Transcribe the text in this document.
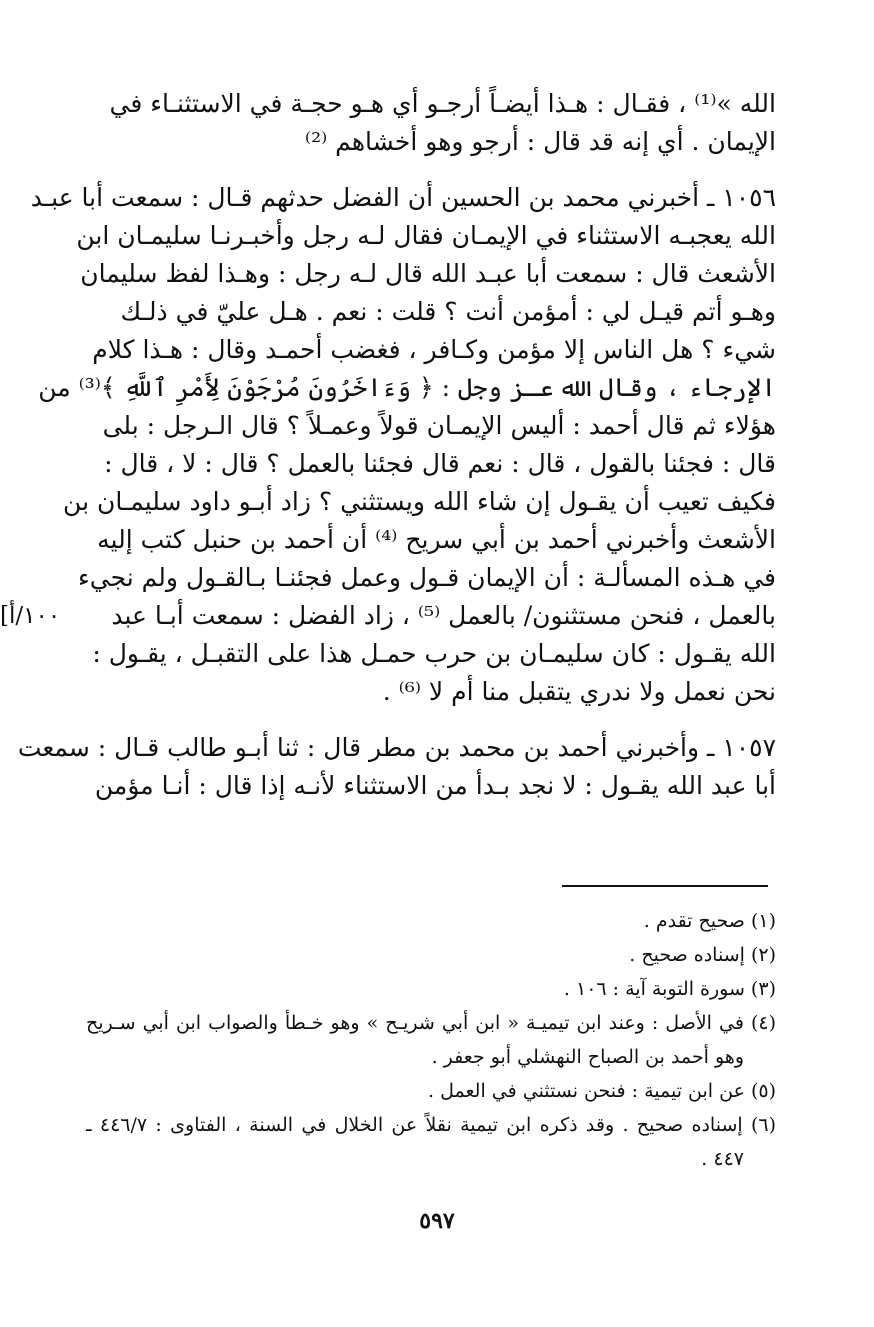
الله »⁽¹⁾ ، فقـال : هـذا أيضـاً أرجـو أي هـو حجـة في الاستثنـاء في
الإيمان . أي إنه قد قال : أرجو وهو أخشاهم ⁽²⁾
١٠٥٦ ـ أخبرني محمد بن الحسين أن الفضل حدثهم قـال : سمعت أبا عبـد
الله يعجبـه الاستثناء في الإيمـان فقال لـه رجل وأخبـرنـا سليمـان ابن
الأشعث قال : سمعت أبا عبـد الله قال لـه رجل : وهـذا لفظ سليمان
وهـو أتم قيـل لي : أمؤمن أنت ؟ قلت : نعم . هـل عليّ في ذلـك
شيء ؟ هل الناس إلا مؤمن وكـافر ، فغضب أحمـد وقال : هـذا كلام
الإرجاء ، وقال الله عـز وجل : ﴿ وَءَاخَرُونَ مُرْجَوْنَ لِأَمْرِ ٱللَّهِ ﴾⁽³⁾ من
هؤلاء ثم قال أحمد : أليس الإيمـان قولاً وعمـلاً ؟ قال الـرجل : بلى
قال : فجئنا بالقول ، قال : نعم قال فجئنا بالعمل ؟ قال : لا ، قال :
فكيف تعيب أن يقـول إن شاء الله ويستثني ؟ زاد أبـو داود سليمـان بن
الأشعث وأخبرني أحمد بن أبي سريح ⁽⁴⁾ أن أحمد بن حنبل كتب إليه
في هـذه المسألـة : أن الإيمان قـول وعمل فجئنـا بـالقـول ولم نجيء
بالعمل ، فنحن مستثنون/ بالعمل ⁽⁵⁾ ، زاد الفضل : سمعت أبـا عبد
الله يقـول : كان سليمـان بن حرب حمـل هذا على التقبـل ، يقـول :
نحن نعمل ولا ندري يتقبل منا أم لا ⁽⁶⁾ .
[١٠٠/أ
١٠٥٧ ـ وأخبرني أحمد بن محمد بن مطر قال : ثنا أبـو طالب قـال : سمعت
أبا عبد الله يقـول : لا نجد بـدأ من الاستثناء لأنـه إذا قال : أنـا مؤمن
(١) صحيح تقدم .
(٢) إسناده صحيح .
(٣) سورة التوبة آية : ١٠٦ .
(٤) في الأصل : وعند ابن تيميـة « ابن أبي شريـح » وهو خـطأ والصواب ابن أبي سـريح
وهو أحمد بن الصباح النهشلي أبو جعفر .
(٥) عن ابن تيمية : فنحن نستثني في العمل .
(٦) إسناده صحيح . وقد ذكره ابن تيمية نقلاً عن الخلال في السنة ، الفتاوى : ٤٤٦/٧ ـ
٤٤٧ .
٥٩٧
